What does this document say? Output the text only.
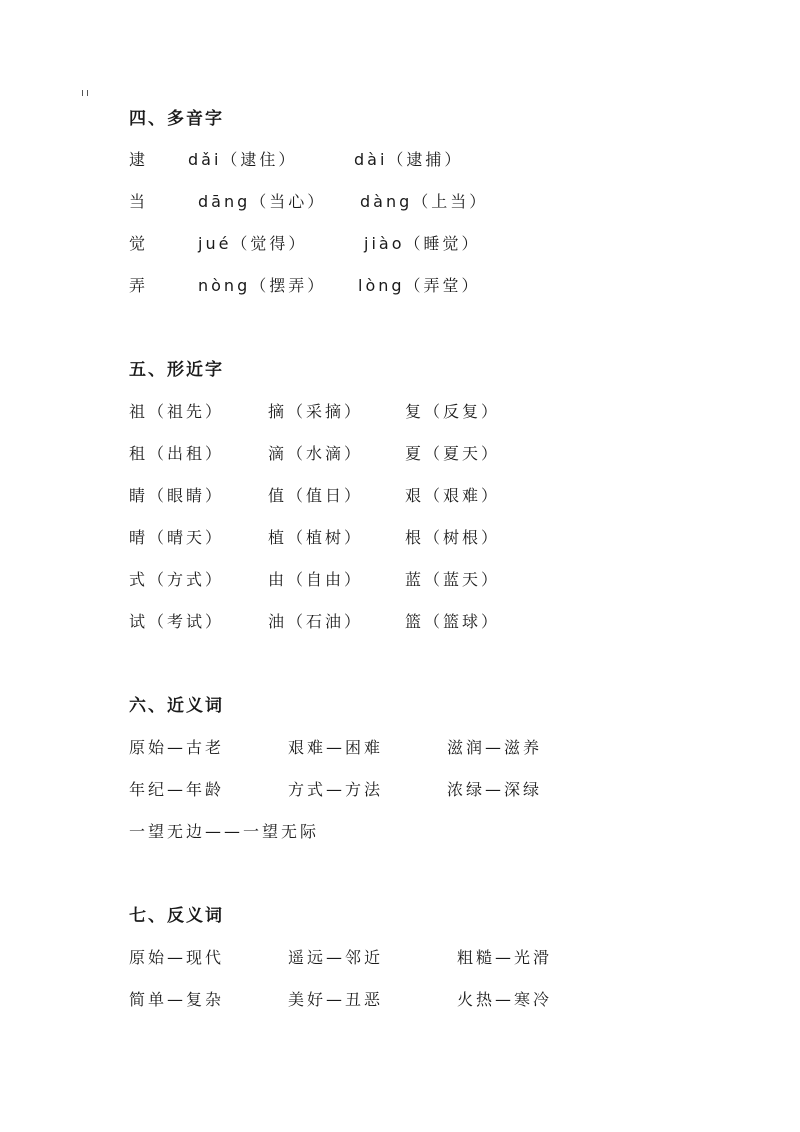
四、多音字
逮 dǎi（逮住）	dài（逮捕）
当	dāng（当心） dàng（上当）
觉	jué（觉得）	jiào（睡觉）
弄	nòng（摆弄） lòng（弄堂）
五、形近字
祖（祖先）	摘（采摘）	复（反复）
租（出租）	滴（水滴）	夏（夏天）
睛（眼睛）	值（值日）	艰（艰难）
晴（晴天）	植（植树）	根（树根）
式（方式）	由（自由）	蓝（蓝天）
试（考试）	油（石油）	篮（篮球）
六、近义词
原始—古老	艰难—困难	滋润—滋养
年纪—年龄	方式—方法	浓绿—深绿
一望无边——一望无际
七、反义词
原始—现代	遥远—邻近	粗糙—光滑
简单—复杂	美好—丑恶	火热—寒冷
